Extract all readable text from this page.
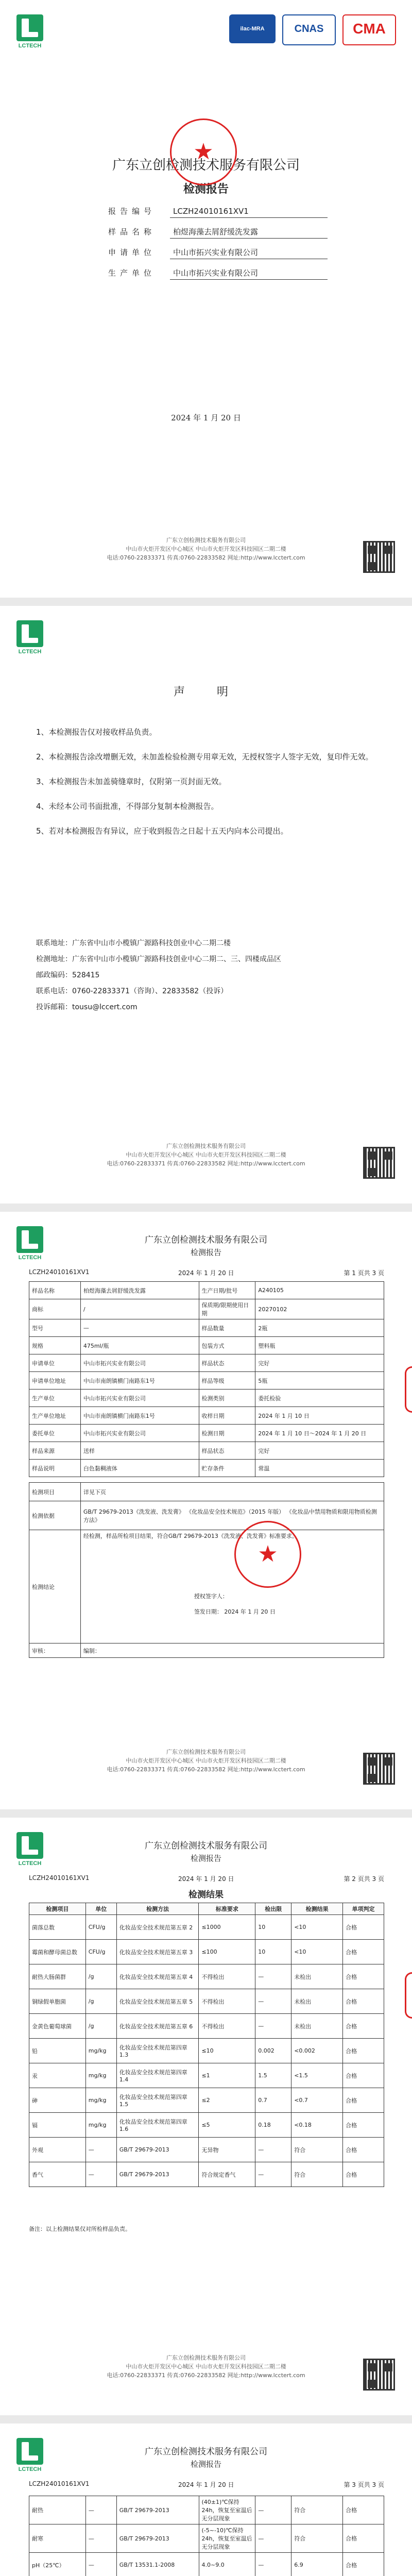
LCTECH
ilac-MRA	CNAS	CMA
广东立创检测技术服务有限公司
检测报告
★
报告编号 LCZH24010161XV1
样品名称 柏煜海藻去屑舒缓洗发露
申请单位 中山市拓兴实业有限公司
生产单位 中山市拓兴实业有限公司
2024 年 1 月 20 日
广东立创检测技术服务有限公司
中山市火炬开发区中心城区 中山市火炬开发区科技园区二期二楼
电话:0760-22833371 传真:0760-22833582 网址:http://www.lcctert.com
LCTECH
声　明

1、本检测报告仅对接收样品负责。

2、本检测报告涂改增删无效，未加盖检验检测专用章无效，无授权签字人签字无效，复印件无效。

3、本检测报告未加盖骑缝章时，仅附第一页封面无效。

4、未经本公司书面批准，不得部分复制本检测报告。

5、若对本检测报告有异议，应于收到报告之日起十五天内向本公司提出。

联系地址：广东省中山市小榄镇广源路科技创业中心二期二楼
检测地址：广东省中山市小榄镇广源路科技创业中心二期二、三、四楼成品区
邮政编码：528415
联系电话：0760-22833371（咨询）、22833582（投诉）
投诉邮箱：tousu@lccert.com
广东立创检测技术服务有限公司
中山市火炬开发区中心城区 中山市火炬开发区科技园区二期二楼
电话:0760-22833371 传真:0760-22833582 网址:http://www.lcctert.com
LCTECH
广东立创检测技术服务有限公司
检测报告
LCZH24010161XV1	2024 年 1 月 20 日	第 1 页共 3 页
样品名称	柏煜海藻去屑舒缓洗发露	生产日期/批号	A240105
商标	/	保质期/限期使用日期	20270102
型号	—	样品数量	2瓶
规格	475ml/瓶	包装方式	塑料瓶
申请单位	中山市拓兴实业有限公司	样品状态	完好
申请单位地址	中山市南朗镇横门南路东1号	样品等级	5瓶
生产单位	中山市拓兴实业有限公司	检测类别	委托检验
生产单位地址	中山市南朗镇横门南路东1号	收样日期	2024 年 1 月 10 日
委托单位	中山市拓兴实业有限公司	检测日期	2024 年 1 月 10 日～2024 年 1 月 20 日
样品来源	送样	样品状态	完好
样品说明	白色黏稠液体	贮存条件	常温
检测项目	详见下页
检测依据	GB/T 29679-2013《洗发液、洗发膏》 《化妆品安全技术规范》（2015 年版） 《化妆品中禁用物质和限用物质检测方法》
检测结论	经检测，样品所检项目结果，符合GB/T 29679-2013《洗发液、洗发膏》标准要求。
授权签字人：
签发日期： 2024 年 1 月 20 日

审核：	编制：
★
广东立创检测技术服务有限公司
中山市火炬开发区中心城区 中山市火炬开发区科技园区二期二楼
电话:0760-22833371 传真:0760-22833582 网址:http://www.lcctert.com
LCTECH
广东立创检测技术服务有限公司
检测报告
LCZH24010161XV1	2024 年 1 月 20 日	第 2 页共 3 页
检测结果
检测项目	单位	检测方法	标准要求	检出限	检测结果	单项判定
菌落总数	CFU/g	化妆品安全技术规范第五章 2	≤1000	10	<10	合格
霉菌和酵母菌总数	CFU/g	化妆品安全技术规范第五章 3	≤100	10	<10	合格
耐热大肠菌群	/g	化妆品安全技术规范第五章 4	不得检出	—	未检出	合格
铜绿假单胞菌	/g	化妆品安全技术规范第五章 5	不得检出	—	未检出	合格
金黄色葡萄球菌	/g	化妆品安全技术规范第五章 6	不得检出	—	未检出	合格
铅	mg/kg	化妆品安全技术规范第四章 1.3	≤10	0.002	<0.002	合格
汞	mg/kg	化妆品安全技术规范第四章 1.4	≤1	1.5	<1.5	合格
砷	mg/kg	化妆品安全技术规范第四章 1.5	≤2	0.7	<0.7	合格
镉	mg/kg	化妆品安全技术规范第四章 1.6	≤5	0.18	<0.18	合格
外观	—	GB/T 29679-2013	无异物	—	符合	合格
香气	—	GB/T 29679-2013	符合规定香气	—	符合	合格
备注：以上检测结果仅对所检样品负责。
广东立创检测技术服务有限公司
中山市火炬开发区中心城区 中山市火炬开发区科技园区二期二楼
电话:0760-22833371 传真:0760-22833582 网址:http://www.lcctert.com
LCTECH
广东立创检测技术服务有限公司
检测报告
LCZH24010161XV1	2024 年 1 月 20 日	第 3 页共 3 页
耐热	—	GB/T 29679-2013	(40±1)℃保持24h，恢复至室温后无分层现象	—	符合	合格
耐寒	—	GB/T 29679-2013	(-5~-10)℃保持24h，恢复至室温后无分层现象	—	符合	合格
pH（25℃）	—	GB/T 13531.1-2008	4.0~9.0	—	6.9	合格
